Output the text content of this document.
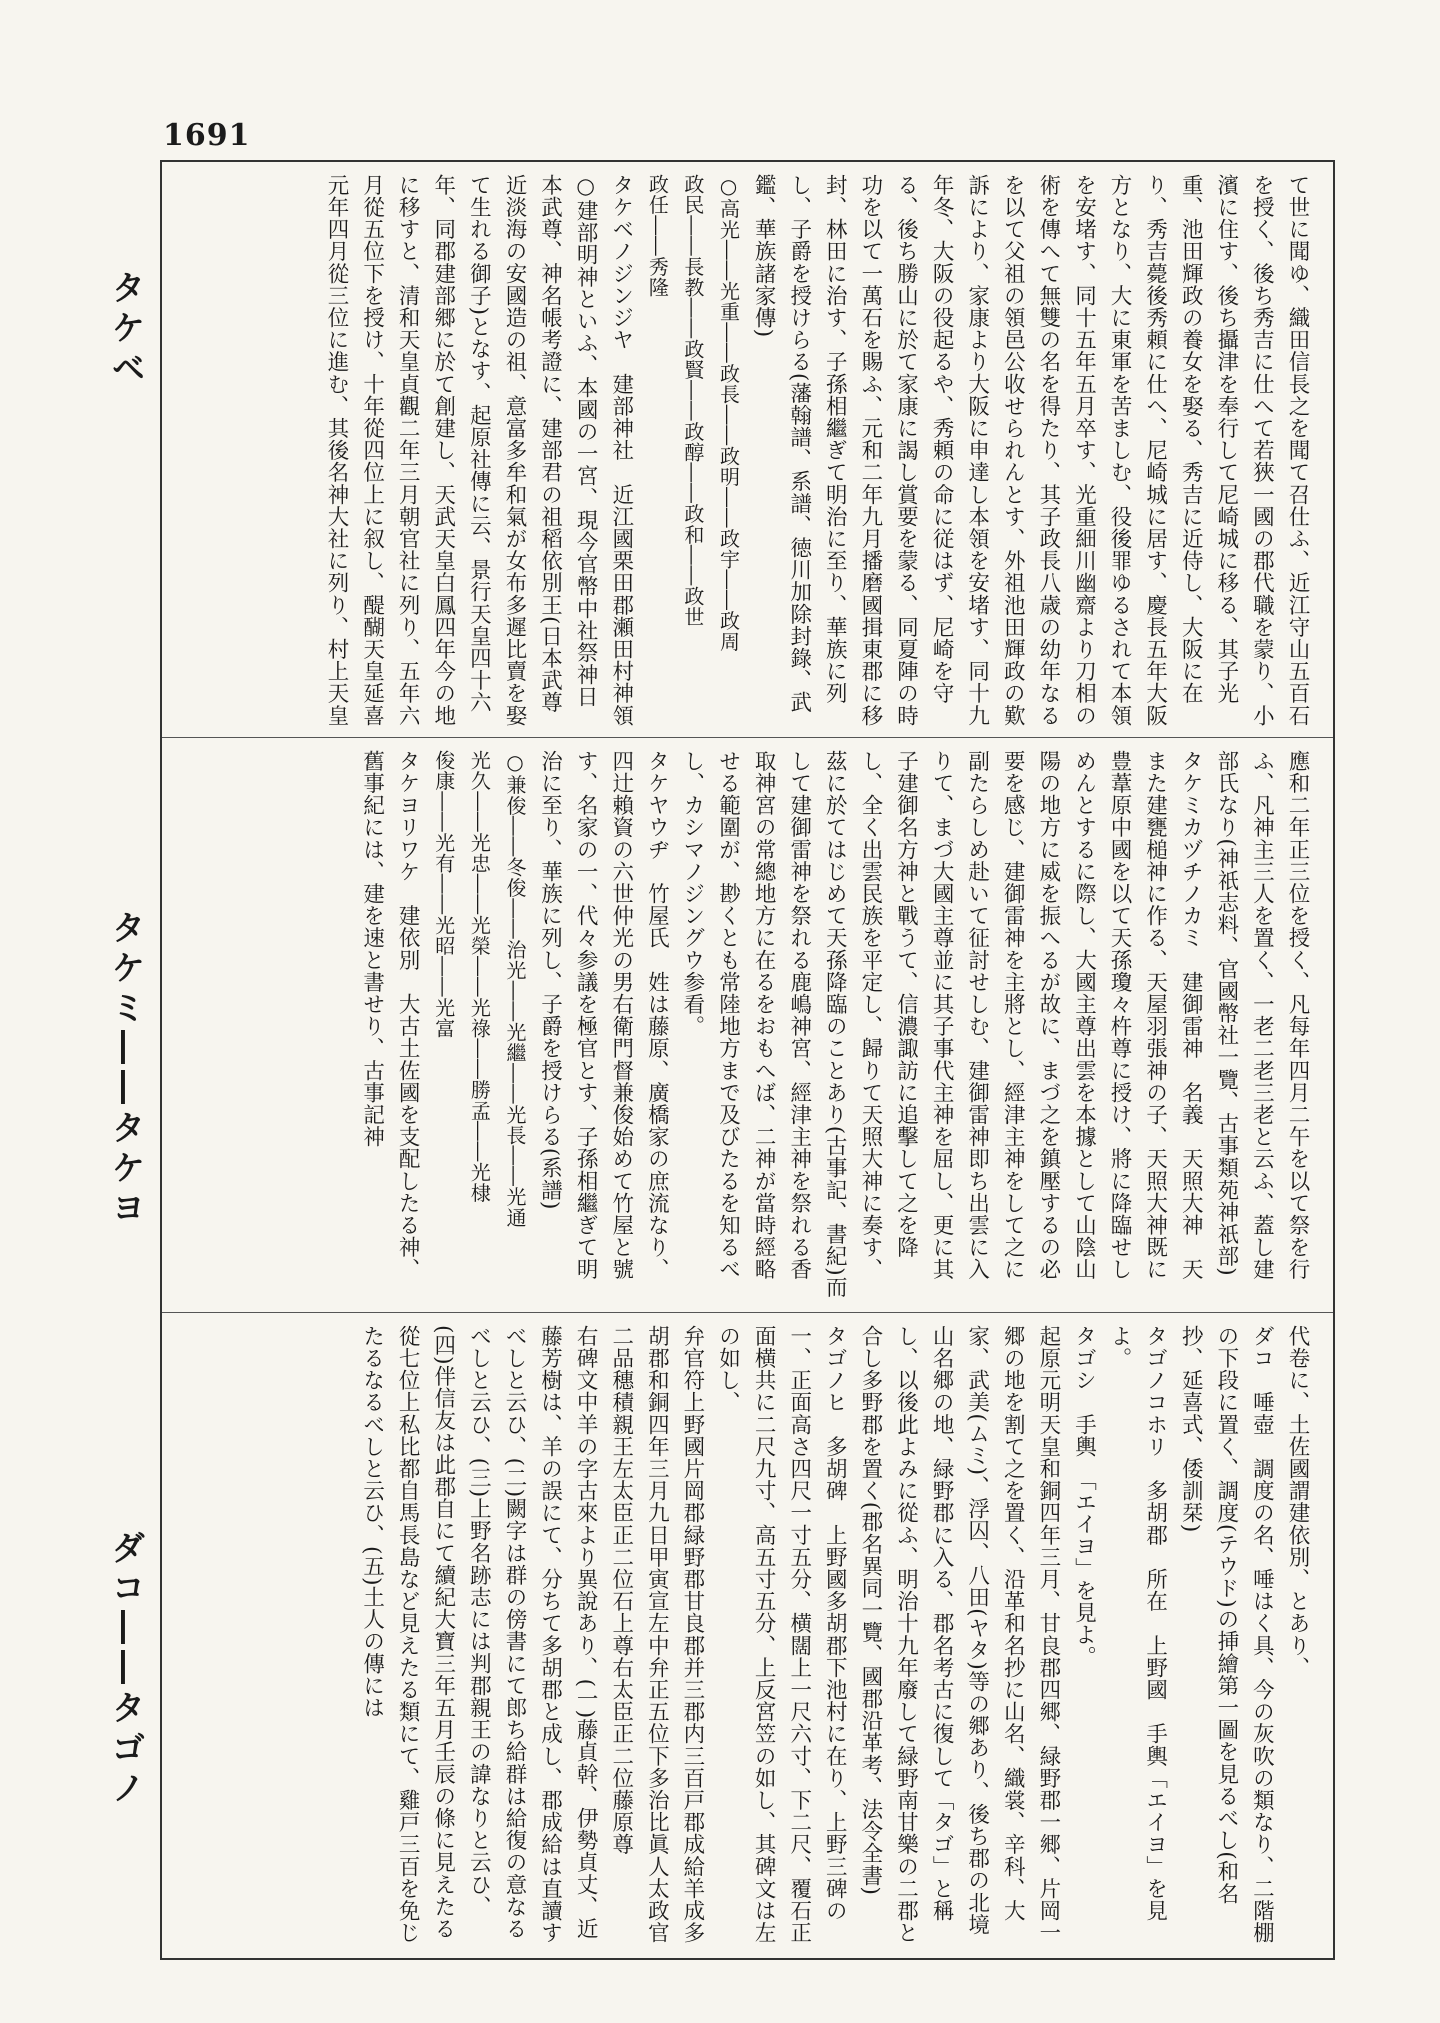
1691
タケベ
タケミ――タケヨ
ダコ――タゴノ

て世に聞ゆ、織田信長之を聞て召仕ふ、近江守山五百石を授く、後ち秀吉に仕へて若狹一國の郡代職を蒙り、小濱に住す、後ち攝津を奉行して尼崎城に移る、其子光重、池田輝政の養女を娶る、秀吉に近侍し、大阪に在り、秀吉薨後秀頼に仕へ、尼崎城に居す、慶長五年大阪方となり、大に東軍を苦ましむ、役後罪ゆるされて本領を安堵す、同十五年五月卒す、光重細川幽齋より刀相の術を傳へて無雙の名を得たり、其子政長八歳の幼年なるを以て父祖の領邑公收せられんとす、外祖池田輝政の歎訴により、家康より大阪に申達し本領を安堵す、同十九年冬、大阪の役起るや、秀頼の命に従はず、尼崎を守る、後ち勝山に於て家康に謁し賞要を蒙る、同夏陣の時功を以て一萬石を賜ふ、元和二年九月播磨國揖東郡に移封、林田に治す、子孫相繼ぎて明治に至り、華族に列し、子爵を授けらる(藩翰譜、系譜、徳川加除封錄、武鑑、華族諸家傳)

○高光――光重――政長――政明――政宇――政周

政民――長教――政賢――政醇――政和――政世

政任――秀隆

タケベノジンジヤ　建部神社　近江國栗田郡瀬田村神領○建部明神といふ、本國の一宮、現今官幣中社祭神日本武尊、神名帳考證に、建部君の祖稻依別王(日本武尊近淡海の安國造の祖、意富多牟和氣が女布多遲比賣を娶て生れる御子)となす、起原社傳に云、景行天皇四十六年、同郡建部郷に於て創建し、天武天皇白鳳四年今の地に移すと、清和天皇貞觀二年三月朝官社に列り、五年六月從五位下を授け、十年從四位上に叙し、醍醐天皇延喜元年四月從三位に進む、其後名神大社に列り、村上天皇

應和二年正三位を授く、凡每年四月二午を以て祭を行ふ、凡神主三人を置く、一老二老三老と云ふ、蓋し建部氏なり(神祇志料、官國幣社一覽、古事類苑神祇部)

タケミカヅチノカミ　建御雷神　名義　天照大神　天また建甕槌神に作る、天屋羽張神の子、天照大神既に豊葦原中國を以て天孫瓊々杵尊に授け、將に降臨せしめんとするに際し、大國主尊出雲を本據として山陰山陽の地方に威を振へるが故に、まづ之を鎮壓するの必要を感じ、建御雷神を主將とし、經津主神をして之に副たらしめ赴いて征討せしむ、建御雷神即ち出雲に入りて、まづ大國主尊並に其子事代主神を屈し、更に其子建御名方神と戰うて、信濃諏訪に追擊して之を降し、全く出雲民族を平定し、歸りて天照大神に奏す、茲に於てはじめて天孫降臨のことあり(古事記、書紀)而して建御雷神を祭れる鹿嶋神宮、經津主神を祭れる香取神宮の常總地方に在るをおもへば、二神が當時經略せる範圍が、尠くとも常陸地方まで及びたるを知るべし、カシマノジングウ参看。

タケヤウヂ　竹屋氏　姓は藤原、廣橋家の庶流なり、四辻賴資の六世仲光の男右衛門督兼俊始めて竹屋と號す、名家の一、代々参議を極官とす、子孫相繼ぎて明治に至り、華族に列し、子爵を授けらる(系譜)

○兼俊――冬俊――治光――光繼――光長――光通

光久――光忠――光榮――光祿――勝孟――光棣

俊康――光有――光昭――光富

タケヨリワケ　建依別　大古土佐國を支配したる神、舊事紀には、建を速と書せり、古事記神

代卷に、土佐國謂建依別、とあり、

ダコ　唾壺　調度の名、唾はく具、今の灰吹の類なり、二階棚の下段に置く、調度(テウド)の挿繪第一圖を見るべし(和名抄、延喜式、倭訓栞)

タゴノコホリ　多胡郡　所在　上野國　手輿「エイヨ」を見よ。

タゴシ　手輿　「エイヨ」を見よ。

起原元明天皇和銅四年三月、甘良郡四郷、緑野郡一郷、片岡一郷の地を割て之を置く、沿革和名抄に山名、織裳、辛科、大家、武美(ムミ)、浮囚、八田(ヤタ)等の郷あり、後ち郡の北境山名郷の地、緑野郡に入る、郡名考古に復して「タゴ」と稱し、以後此よみに從ふ、明治十九年廢して緑野南甘樂の二郡と合し多野郡を置く(郡名異同一覽、國郡沿革考、法令全書)

タゴノヒ　多胡碑　上野國多胡郡下池村に在り、上野三碑の一、正面高さ四尺一寸五分、横闊上一尺六寸、下二尺、覆石正面横共に二尺九寸、高五寸五分、上反宮笠の如し、其碑文は左の如し、

弁官符上野國片岡郡緑野郡甘良郡并三郡内三百戸郡成給羊成多胡郡和銅四年三月九日甲寅宣左中弁正五位下多治比眞人太政官二品穗積親王左太臣正二位石上尊右太臣正二位藤原尊

右碑文中羊の字古來より異說あり、(一)藤貞幹、伊勢貞丈、近藤芳樹は、羊の誤にて、分ちて多胡郡と成し、郡成給は直讀すべしと云ひ、(二)闕字は群の傍書にて郎ち給群は給復の意なるべしと云ひ、(三)上野名跡志には判郡親王の諱なりと云ひ、(四)伴信友は此郡自にて續紀大寶三年五月壬辰の條に見えたる從七位上私比都自馬長島など見えたる類にて、雞戸三百を免じたるなるべしと云ひ、(五)土人の傳には
